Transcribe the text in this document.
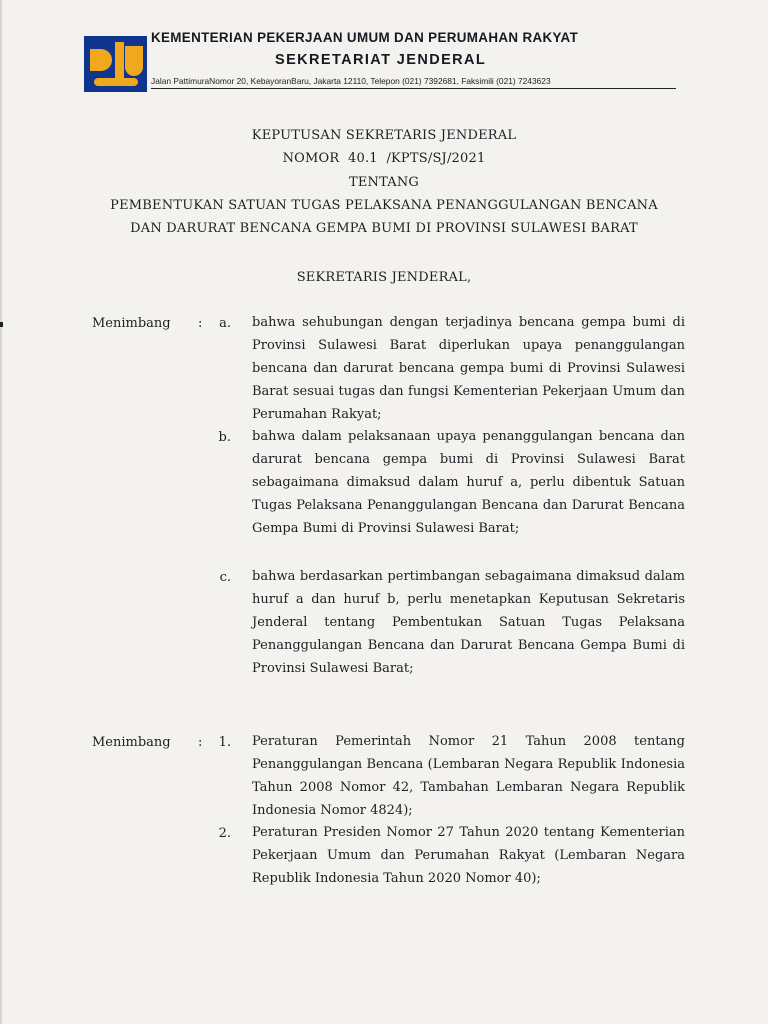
KEMENTERIAN PEKERJAAN UMUM DAN PERUMAHAN RAKYAT
SEKRETARIAT JENDERAL
Jalan PattimuraNomor 20, KebayoranBaru, Jakarta 12110, Telepon (021) 7392681, Faksimili (021) 7243623
KEPUTUSAN SEKRETARIS JENDERAL
NOMOR  40.1  /KPTS/SJ/2021
TENTANG
PEMBENTUKAN SATUAN TUGAS PELAKSANA PENANGGULANGAN BENCANA
DAN DARURAT BENCANA GEMPA BUMI DI PROVINSI SULAWESI BARAT
SEKRETARIS JENDERAL,
Menimbang :	a. bahwa sehubungan dengan terjadinya bencana gempa bumi di Provinsi Sulawesi Barat diperlukan upaya penanggulangan bencana dan darurat bencana gempa bumi di Provinsi Sulawesi Barat sesuai tugas dan fungsi Kementerian Pekerjaan Umum dan Perumahan Rakyat;
b. bahwa dalam pelaksanaan upaya penanggulangan bencana dan darurat bencana gempa bumi di Provinsi Sulawesi Barat sebagaimana dimaksud dalam huruf a, perlu dibentuk Satuan Tugas Pelaksana Penanggulangan Bencana dan Darurat Bencana Gempa Bumi di Provinsi Sulawesi Barat;
c. bahwa berdasarkan pertimbangan sebagaimana dimaksud dalam huruf a dan huruf b, perlu menetapkan Keputusan Sekretaris Jenderal tentang Pembentukan Satuan Tugas Pelaksana Penanggulangan Bencana dan Darurat Bencana Gempa Bumi di Provinsi Sulawesi Barat;
Menimbang :	1. Peraturan Pemerintah Nomor 21 Tahun 2008 tentang Penanggulangan Bencana (Lembaran Negara Republik Indonesia Tahun 2008 Nomor 42, Tambahan Lembaran Negara Republik Indonesia Nomor 4824);
2. Peraturan Presiden Nomor 27 Tahun 2020 tentang Kementerian Pekerjaan Umum dan Perumahan Rakyat (Lembaran Negara Republik Indonesia Tahun 2020 Nomor 40);
